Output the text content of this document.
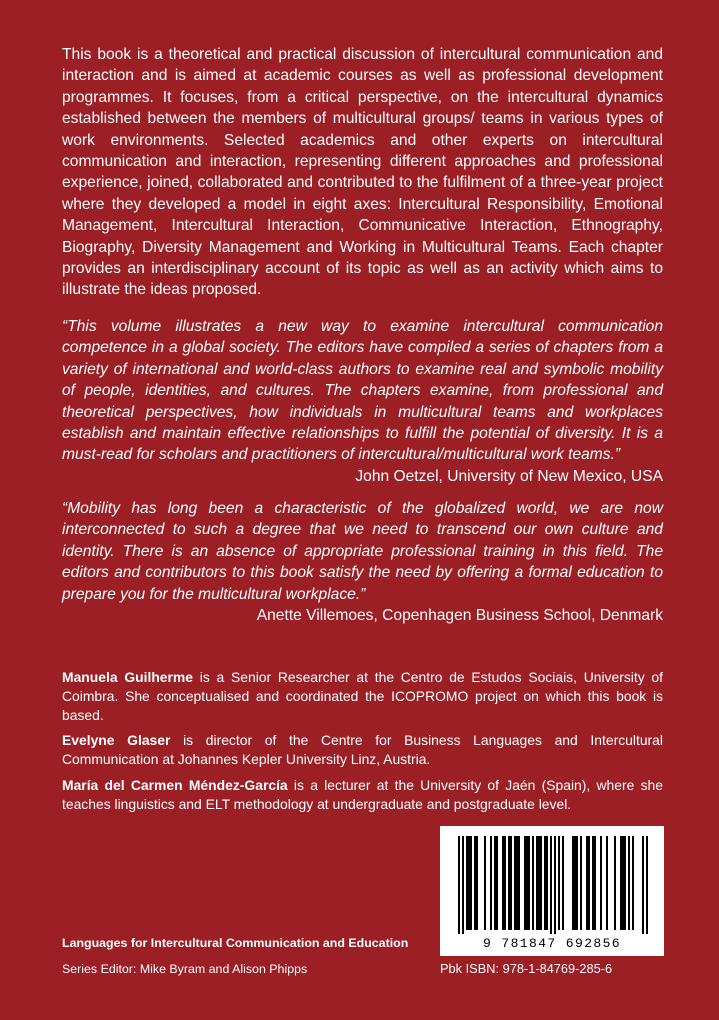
This book is a theoretical and practical discussion of intercultural communication and interaction and is aimed at academic courses as well as professional development programmes. It focuses, from a critical perspective, on the intercultural dynamics established between the members of multicultural groups/ teams in various types of work environments. Selected academics and other experts on intercultural communication and interaction, representing different approaches and professional experience, joined, collaborated and contributed to the fulfilment of a three-year project where they developed a model in eight axes: Intercultural Responsibility, Emotional Management, Intercultural Interaction, Communicative Interaction, Ethnography, Biography, Diversity Management and Working in Multicultural Teams. Each chapter provides an interdisciplinary account of its topic as well as an activity which aims to illustrate the ideas proposed.

“This volume illustrates a new way to examine intercultural communication competence in a global society. The editors have compiled a series of chapters from a variety of international and world-class authors to examine real and symbolic mobility of people, identities, and cultures. The chapters examine, from professional and theoretical perspectives, how individuals in multicultural teams and workplaces establish and maintain effective relationships to fulfill the potential of diversity. It is a must-read for scholars and practitioners of intercultural/multicultural work teams.”

John Oetzel, University of New Mexico, USA

“Mobility has long been a characteristic of the globalized world, we are now interconnected to such a degree that we need to transcend our own culture and identity. There is an absence of appropriate professional training in this field. The editors and contributors to this book satisfy the need by offering a formal education to prepare you for the multicultural workplace.”

Anette Villemoes, Copenhagen Business School, Denmark

Manuela Guilherme is a Senior Researcher at the Centro de Estudos Sociais, University of Coimbra. She conceptualised and coordinated the ICOPROMO project on which this book is based.

Evelyne Glaser is director of the Centre for Business Languages and Intercultural Communication at Johannes Kepler University Linz, Austria.

María del Carmen Méndez-García is a lecturer at the University of Jaén (Spain), where she teaches linguistics and ELT methodology at undergraduate and postgraduate level.

Languages for Intercultural Communication and Education

Series Editor: Mike Byram and Alison Phipps
9 781847 692856
Pbk ISBN: 978-1-84769-285-6
